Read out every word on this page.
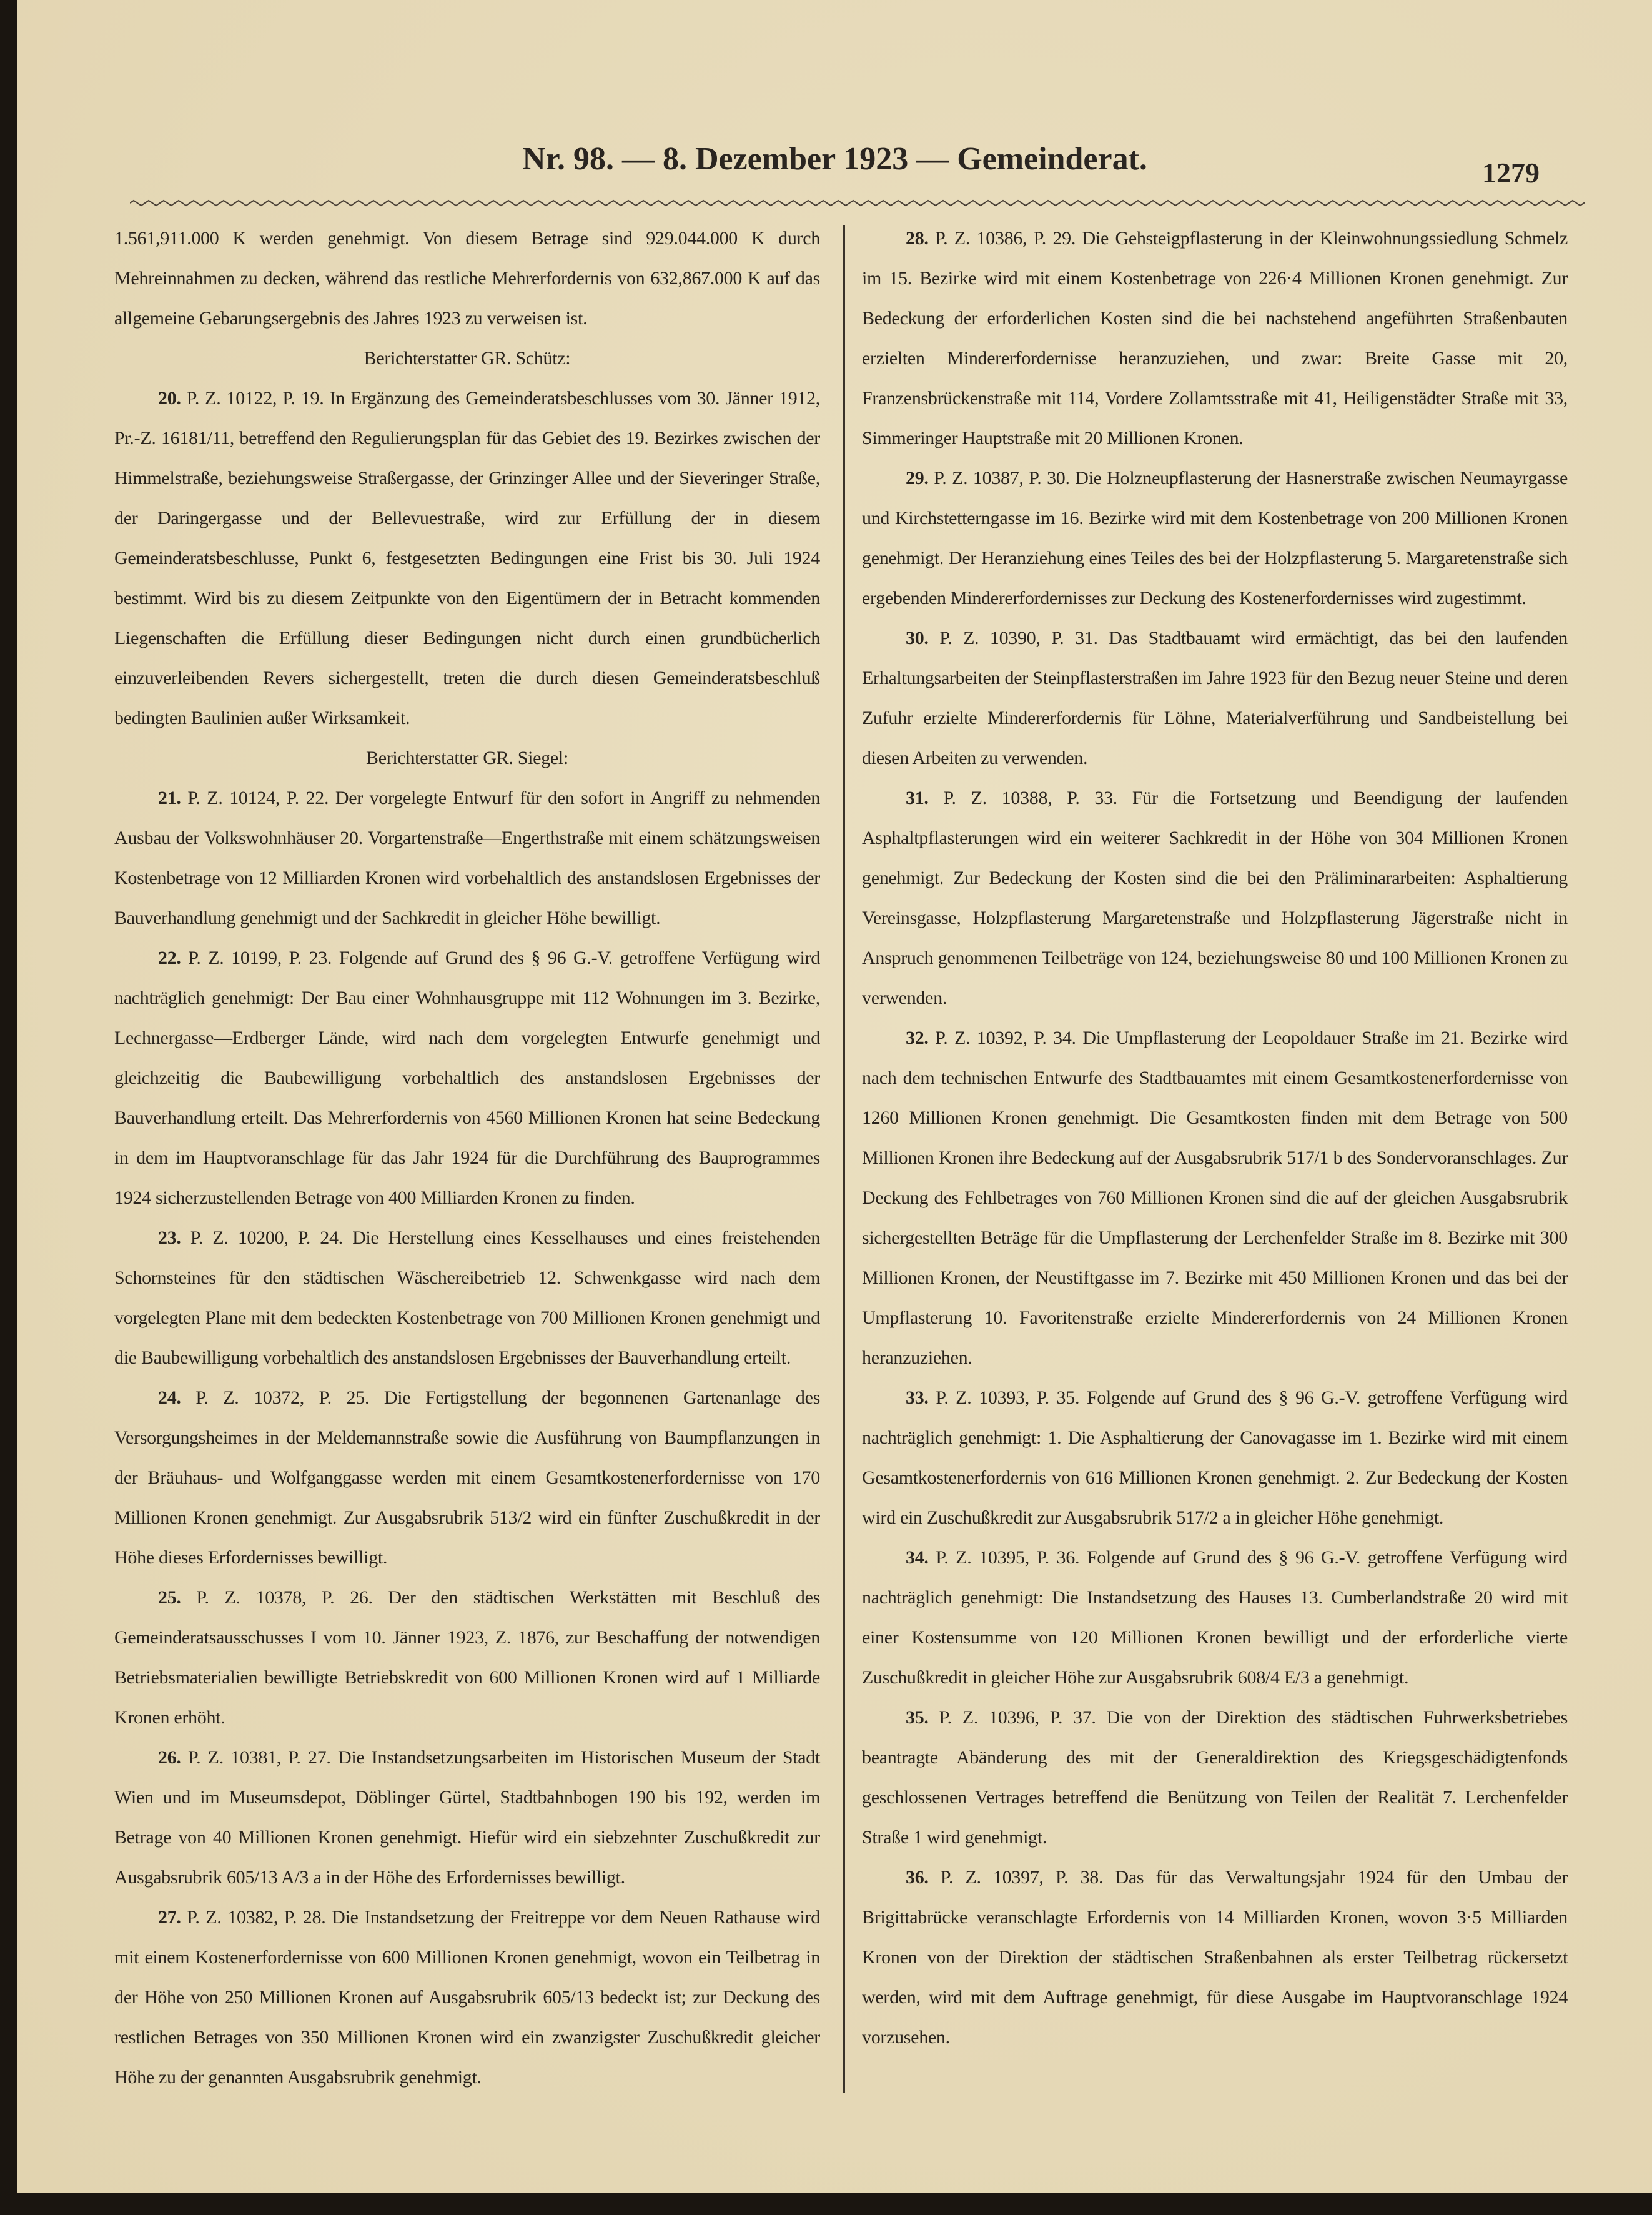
Nr. 98. — 8. Dezember 1923 — Gemeinderat.	1279

1.561,911.000 K werden genehmigt. Von diesem Betrage sind 929.044.000 K durch Mehreinnahmen zu decken, während das restliche Mehrerfordernis von 632,867.000 K auf das allgemeine Gebarungsergebnis des Jahres 1923 zu verweisen ist.

Berichterstatter GR. Schütz:

20. P. Z. 10122, P. 19. In Ergänzung des Gemeinderatsbeschlusses vom 30. Jänner 1912, Pr.-Z. 16181/11, betreffend den Regulierungsplan für das Gebiet des 19. Bezirkes zwischen der Himmelstraße, beziehungsweise Straßergasse, der Grinzinger Allee und der Sieveringer Straße, der Daringergasse und der Bellevuestraße, wird zur Erfüllung der in diesem Gemeinderatsbeschlusse, Punkt 6, festgesetzten Bedingungen eine Frist bis 30. Juli 1924 bestimmt. Wird bis zu diesem Zeitpunkte von den Eigentümern der in Betracht kommenden Liegenschaften die Erfüllung dieser Bedingungen nicht durch einen grundbücherlich einzuverleibenden Revers sichergestellt, treten die durch diesen Gemeinderatsbeschluß bedingten Baulinien außer Wirksamkeit.

Berichterstatter GR. Siegel:

21. P. Z. 10124, P. 22. Der vorgelegte Entwurf für den sofort in Angriff zu nehmenden Ausbau der Volkswohnhäuser 20. Vorgartenstraße—Engerthstraße mit einem schätzungsweisen Kostenbetrage von 12 Milliarden Kronen wird vorbehaltlich des anstandslosen Ergebnisses der Bauverhandlung genehmigt und der Sachkredit in gleicher Höhe bewilligt.

22. P. Z. 10199, P. 23. Folgende auf Grund des § 96 G.-V. getroffene Verfügung wird nachträglich genehmigt: Der Bau einer Wohnhausgruppe mit 112 Wohnungen im 3. Bezirke, Lechnergasse—Erdberger Lände, wird nach dem vorgelegten Entwurfe genehmigt und gleichzeitig die Baubewilligung vorbehaltlich des anstandslosen Ergebnisses der Bauverhandlung erteilt. Das Mehrerfordernis von 4560 Millionen Kronen hat seine Bedeckung in dem im Hauptvoranschlage für das Jahr 1924 für die Durchführung des Bauprogrammes 1924 sicherzustellenden Betrage von 400 Milliarden Kronen zu finden.

23. P. Z. 10200, P. 24. Die Herstellung eines Kesselhauses und eines freistehenden Schornsteines für den städtischen Wäschereibetrieb 12. Schwenkgasse wird nach dem vorgelegten Plane mit dem bedeckten Kostenbetrage von 700 Millionen Kronen genehmigt und die Baubewilligung vorbehaltlich des anstandslosen Ergebnisses der Bauverhandlung erteilt.

24. P. Z. 10372, P. 25. Die Fertigstellung der begonnenen Gartenanlage des Versorgungsheimes in der Meldemannstraße sowie die Ausführung von Baumpflanzungen in der Bräuhaus- und Wolfganggasse werden mit einem Gesamtkostenerfordernisse von 170 Millionen Kronen genehmigt. Zur Ausgabsrubrik 513/2 wird ein fünfter Zuschußkredit in der Höhe dieses Erfordernisses bewilligt.

25. P. Z. 10378, P. 26. Der den städtischen Werkstätten mit Beschluß des Gemeinderatsausschusses I vom 10. Jänner 1923, Z. 1876, zur Beschaffung der notwendigen Betriebsmaterialien bewilligte Betriebskredit von 600 Millionen Kronen wird auf 1 Milliarde Kronen erhöht.

26. P. Z. 10381, P. 27. Die Instandsetzungsarbeiten im Historischen Museum der Stadt Wien und im Museumsdepot, Döblinger Gürtel, Stadtbahnbogen 190 bis 192, werden im Betrage von 40 Millionen Kronen genehmigt. Hiefür wird ein siebzehnter Zuschußkredit zur Ausgabsrubrik 605/13 A/3 a in der Höhe des Erfordernisses bewilligt.

27. P. Z. 10382, P. 28. Die Instandsetzung der Freitreppe vor dem Neuen Rathause wird mit einem Kostenerfordernisse von 600 Millionen Kronen genehmigt, wovon ein Teilbetrag in der Höhe von 250 Millionen Kronen auf Ausgabsrubrik 605/13 bedeckt ist; zur Deckung des restlichen Betrages von 350 Millionen Kronen wird ein zwanzigster Zuschußkredit gleicher Höhe zu der genannten Ausgabsrubrik genehmigt.

28. P. Z. 10386, P. 29. Die Gehsteigpflasterung in der Kleinwohnungssiedlung Schmelz im 15. Bezirke wird mit einem Kostenbetrage von 226·4 Millionen Kronen genehmigt. Zur Bedeckung der erforderlichen Kosten sind die bei nachstehend angeführten Straßenbauten erzielten Mindererfordernisse heranzuziehen, und zwar: Breite Gasse mit 20, Franzensbrückenstraße mit 114, Vordere Zollamtsstraße mit 41, Heiligenstädter Straße mit 33, Simmeringer Hauptstraße mit 20 Millionen Kronen.

29. P. Z. 10387, P. 30. Die Holzneupflasterung der Hasnerstraße zwischen Neumayrgasse und Kirchstetterngasse im 16. Bezirke wird mit dem Kostenbetrage von 200 Millionen Kronen genehmigt. Der Heranziehung eines Teiles des bei der Holzpflasterung 5. Margaretenstraße sich ergebenden Mindererfordernisses zur Deckung des Kostenerfordernisses wird zugestimmt.

30. P. Z. 10390, P. 31. Das Stadtbauamt wird ermächtigt, das bei den laufenden Erhaltungsarbeiten der Steinpflasterstraßen im Jahre 1923 für den Bezug neuer Steine und deren Zufuhr erzielte Mindererfordernis für Löhne, Materialverführung und Sandbeistellung bei diesen Arbeiten zu verwenden.

31. P. Z. 10388, P. 33. Für die Fortsetzung und Beendigung der laufenden Asphaltpflasterungen wird ein weiterer Sachkredit in der Höhe von 304 Millionen Kronen genehmigt. Zur Bedeckung der Kosten sind die bei den Präliminararbeiten: Asphaltierung Vereinsgasse, Holzpflasterung Margaretenstraße und Holzpflasterung Jägerstraße nicht in Anspruch genommenen Teilbeträge von 124, beziehungsweise 80 und 100 Millionen Kronen zu verwenden.

32. P. Z. 10392, P. 34. Die Umpflasterung der Leopoldauer Straße im 21. Bezirke wird nach dem technischen Entwurfe des Stadtbauamtes mit einem Gesamtkostenerfordernisse von 1260 Millionen Kronen genehmigt. Die Gesamtkosten finden mit dem Betrage von 500 Millionen Kronen ihre Bedeckung auf der Ausgabsrubrik 517/1 b des Sondervoranschlages. Zur Deckung des Fehlbetrages von 760 Millionen Kronen sind die auf der gleichen Ausgabsrubrik sichergestellten Beträge für die Umpflasterung der Lerchenfelder Straße im 8. Bezirke mit 300 Millionen Kronen, der Neustiftgasse im 7. Bezirke mit 450 Millionen Kronen und das bei der Umpflasterung 10. Favoritenstraße erzielte Mindererfordernis von 24 Millionen Kronen heranzuziehen.

33. P. Z. 10393, P. 35. Folgende auf Grund des § 96 G.-V. getroffene Verfügung wird nachträglich genehmigt: 1. Die Asphaltierung der Canovagasse im 1. Bezirke wird mit einem Gesamtkostenerfordernis von 616 Millionen Kronen genehmigt. 2. Zur Bedeckung der Kosten wird ein Zuschußkredit zur Ausgabsrubrik 517/2 a in gleicher Höhe genehmigt.

34. P. Z. 10395, P. 36. Folgende auf Grund des § 96 G.-V. getroffene Verfügung wird nachträglich genehmigt: Die Instandsetzung des Hauses 13. Cumberlandstraße 20 wird mit einer Kostensumme von 120 Millionen Kronen bewilligt und der erforderliche vierte Zuschußkredit in gleicher Höhe zur Ausgabsrubrik 608/4 E/3 a genehmigt.

35. P. Z. 10396, P. 37. Die von der Direktion des städtischen Fuhrwerksbetriebes beantragte Abänderung des mit der Generaldirektion des Kriegsgeschädigtenfonds geschlossenen Vertrages betreffend die Benützung von Teilen der Realität 7. Lerchenfelder Straße 1 wird genehmigt.

36. P. Z. 10397, P. 38. Das für das Verwaltungsjahr 1924 für den Umbau der Brigittabrücke veranschlagte Erfordernis von 14 Milliarden Kronen, wovon 3·5 Milliarden Kronen von der Direktion der städtischen Straßenbahnen als erster Teilbetrag rückersetzt werden, wird mit dem Auftrage genehmigt, für diese Ausgabe im Hauptvoranschlage 1924 vorzusehen.
